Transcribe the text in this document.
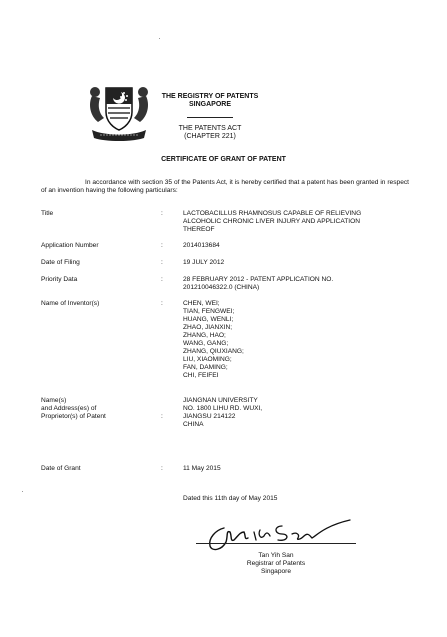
THE REGISTRY OF PATENTS
SINGAPORE
THE PATENTS ACT
(CHAPTER 221)
CERTIFICATE OF GRANT OF PATENT
In accordance with section 35 of the Patents Act, it is hereby certified that a patent has been granted in respect of an invention having the following particulars:
Title	:	LACTOBACILLUS RHAMNOSUS CAPABLE OF RELIEVING
ALCOHOLIC CHRONIC LIVER INJURY AND APPLICATION
THEREOF
Application Number	:	2014013684
Date of Filing	:	19 JULY 2012
Priority Data	:	28 FEBRUARY 2012 - PATENT APPLICATION NO.
201210046322.0 (CHINA)
Name of Inventor(s)	:	CHEN, WEI;
TIAN, FENGWEI;
HUANG, WENLI;
ZHAO, JIANXIN;
ZHANG, HAO;
WANG, GANG;
ZHANG, QIUXIANG;
LIU, XIAOMING;
FAN, DAMING;
CHI, FEIFEI
Name(s)
and Address(es) of
Proprietor(s) of Patent	:
JIANGNAN UNIVERSITY
NO. 1800 LIHU RD. WUXI,
JIANGSU 214122
CHINA
Date of Grant	:	11 May 2015
Dated this 11th day of May 2015
Tan Yih San
Registrar of Patents
Singapore
